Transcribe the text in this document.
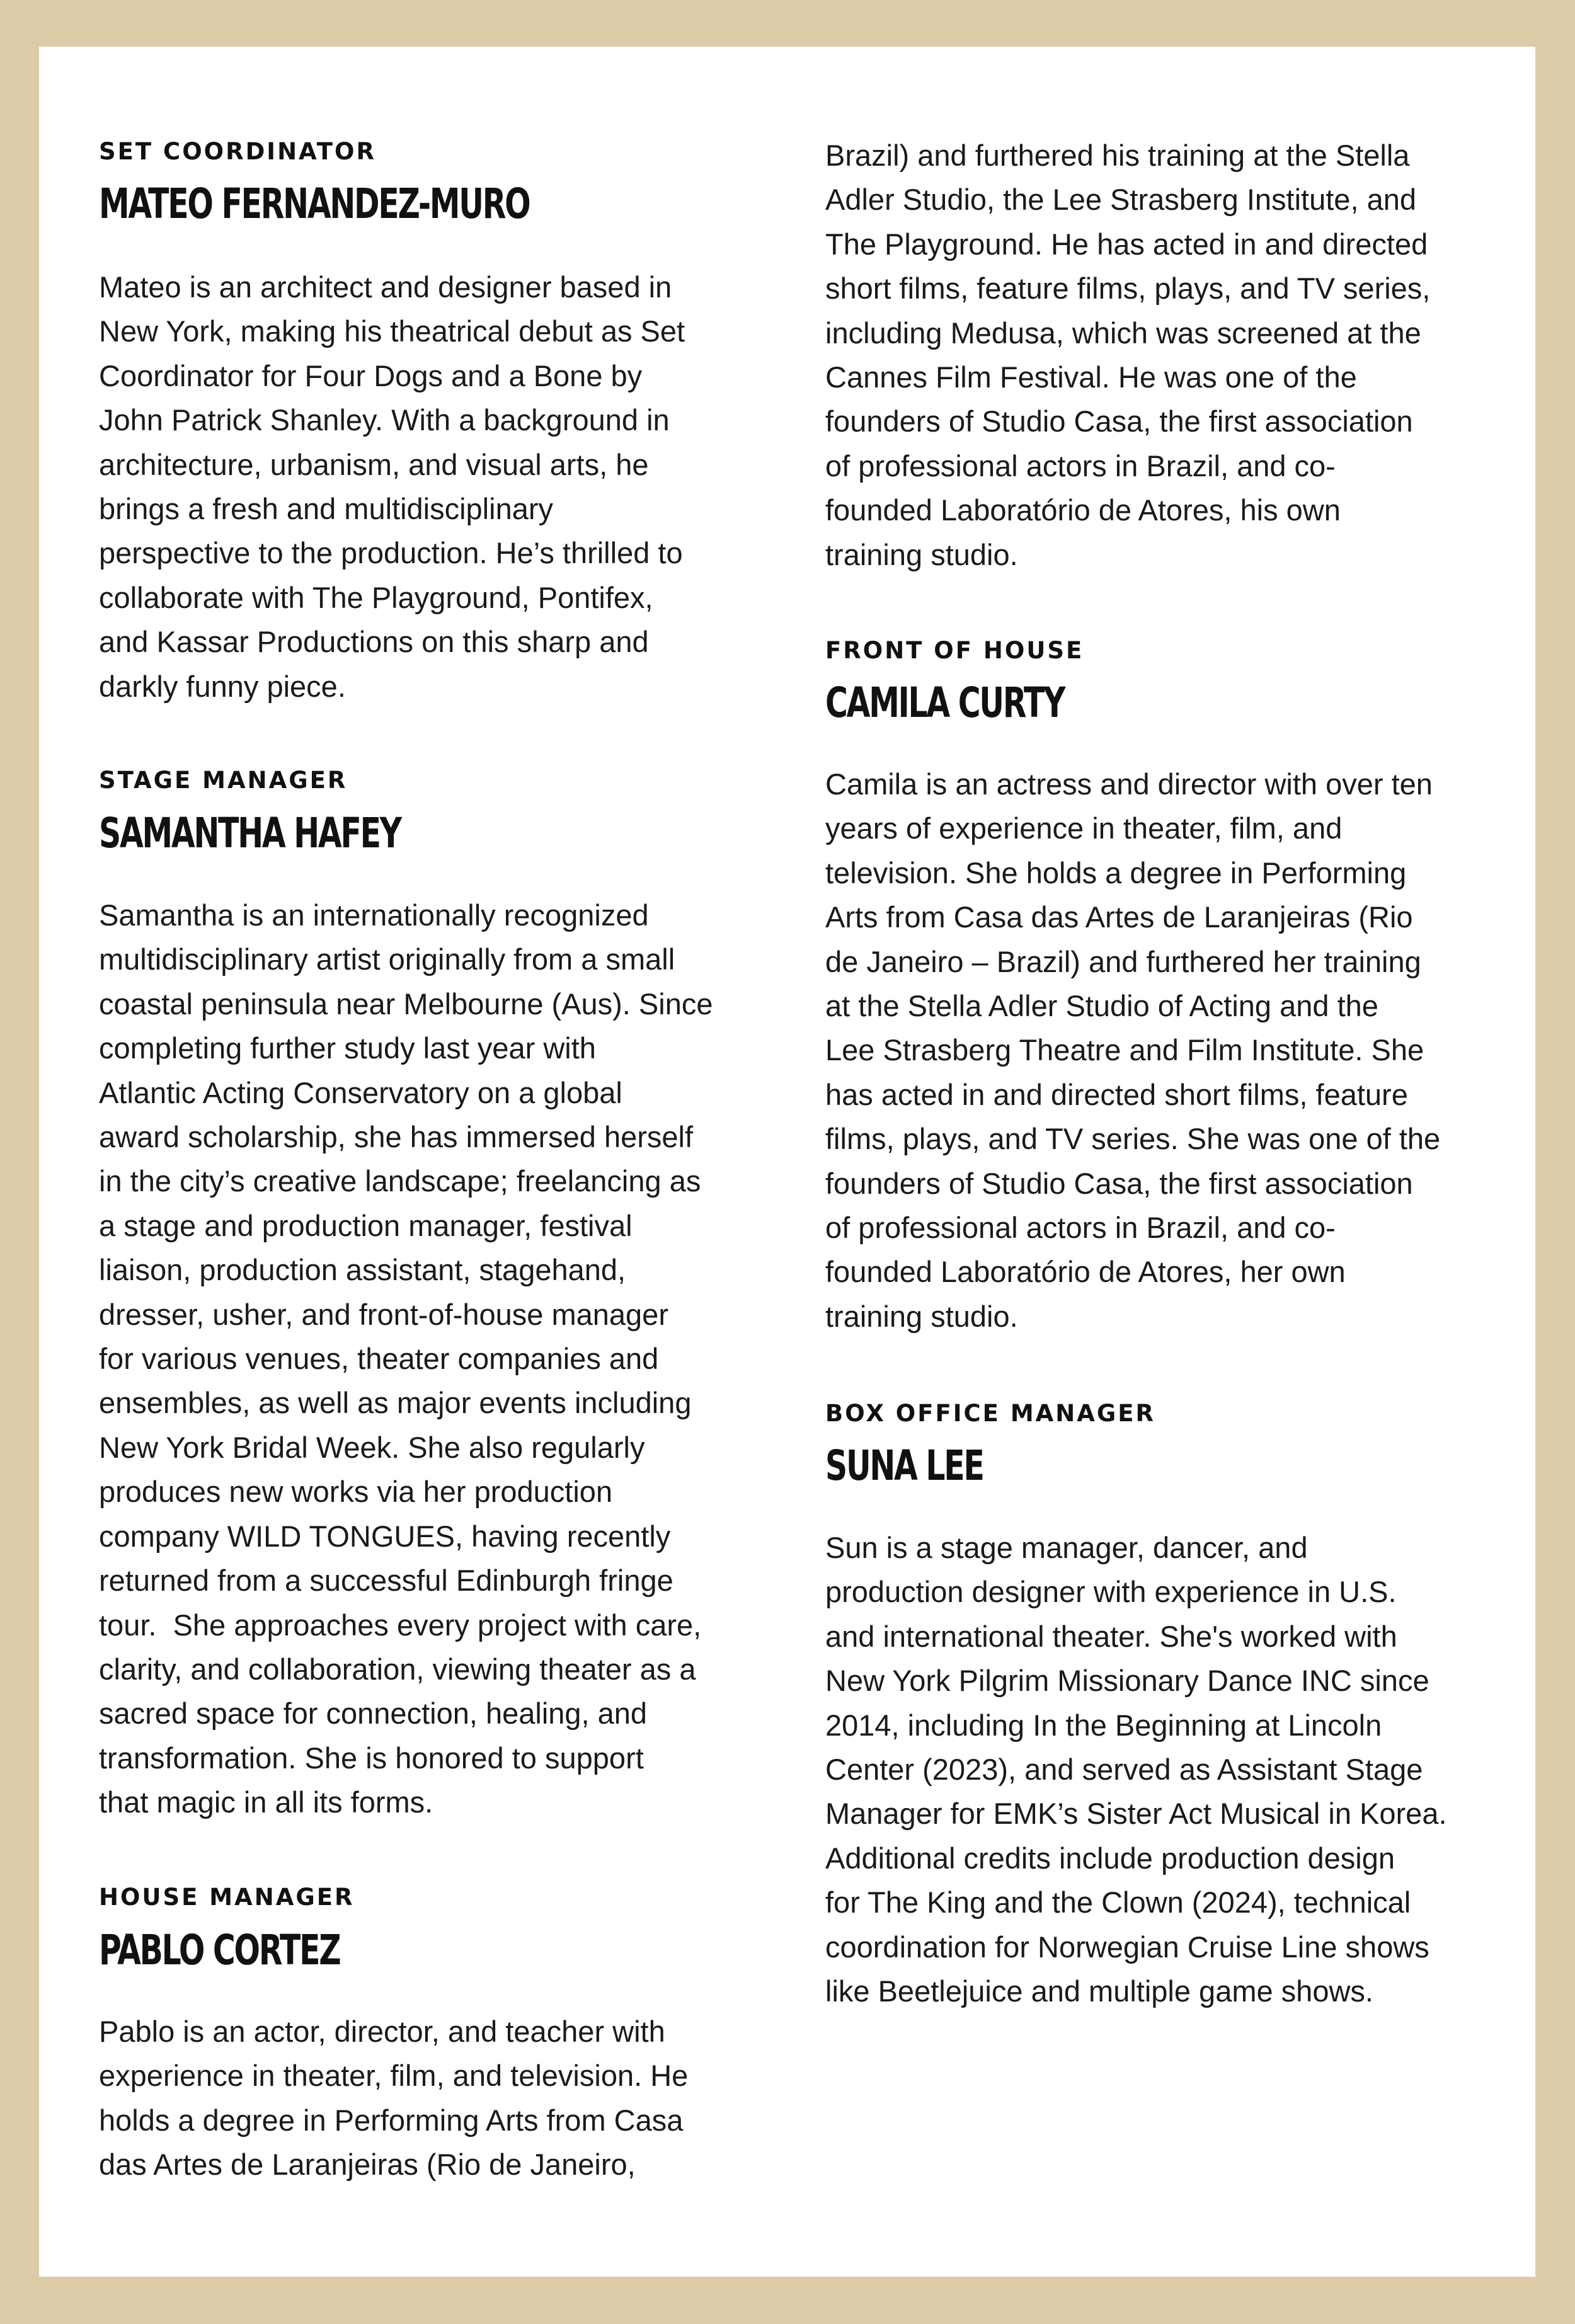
SET COORDINATOR
MATEO FERNANDEZ-MURO
Mateo is an architect and designer based in
New York, making his theatrical debut as Set
Coordinator for Four Dogs and a Bone by
John Patrick Shanley. With a background in
architecture, urbanism, and visual arts, he
brings a fresh and multidisciplinary
perspective to the production. He’s thrilled to
collaborate with The Playground, Pontifex,
and Kassar Productions on this sharp and
darkly funny piece.
STAGE MANAGER
SAMANTHA HAFEY
Samantha is an internationally recognized
multidisciplinary artist originally from a small
coastal peninsula near Melbourne (Aus). Since
completing further study last year with
Atlantic Acting Conservatory on a global
award scholarship, she has immersed herself
in the city’s creative landscape; freelancing as
a stage and production manager, festival
liaison, production assistant, stagehand,
dresser, usher, and front-of-house manager
for various venues, theater companies and
ensembles, as well as major events including
New York Bridal Week. She also regularly
produces new works via her production
company WILD TONGUES, having recently
returned from a successful Edinburgh fringe
tour.  She approaches every project with care,
clarity, and collaboration, viewing theater as a
sacred space for connection, healing, and
transformation. She is honored to support
that magic in all its forms.
HOUSE MANAGER
PABLO CORTEZ
Pablo is an actor, director, and teacher with
experience in theater, film, and television. He
holds a degree in Performing Arts from Casa
das Artes de Laranjeiras (Rio de Janeiro,
Brazil) and furthered his training at the Stella
Adler Studio, the Lee Strasberg Institute, and
The Playground. He has acted in and directed
short films, feature films, plays, and TV series,
including Medusa, which was screened at the
Cannes Film Festival. He was one of the
founders of Studio Casa, the first association
of professional actors in Brazil, and co-
founded Laboratório de Atores, his own
training studio.
FRONT OF HOUSE
CAMILA CURTY
Camila is an actress and director with over ten
years of experience in theater, film, and
television. She holds a degree in Performing
Arts from Casa das Artes de Laranjeiras (Rio
de Janeiro – Brazil) and furthered her training
at the Stella Adler Studio of Acting and the
Lee Strasberg Theatre and Film Institute. She
has acted in and directed short films, feature
films, plays, and TV series. She was one of the
founders of Studio Casa, the first association
of professional actors in Brazil, and co-
founded Laboratório de Atores, her own
training studio.
BOX OFFICE MANAGER
SUNA LEE
Sun is a stage manager, dancer, and
production designer with experience in U.S.
and international theater. She's worked with
New York Pilgrim Missionary Dance INC since
2014, including In the Beginning at Lincoln
Center (2023), and served as Assistant Stage
Manager for EMK’s Sister Act Musical in Korea.
Additional credits include production design
for The King and the Clown (2024), technical
coordination for Norwegian Cruise Line shows
like Beetlejuice and multiple game shows.
